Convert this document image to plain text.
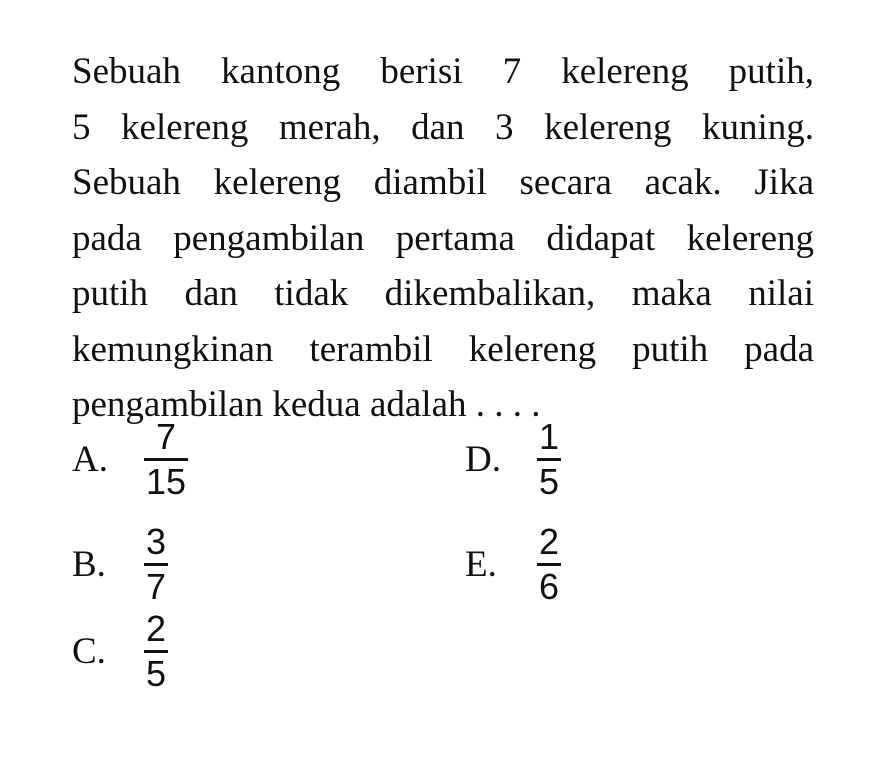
Sebuah kantong berisi 7 kelereng putih,
5 kelereng merah, dan 3 kelereng kuning.
Sebuah kelereng diambil secara acak. Jika
pada pengambilan pertama didapat kelereng
putih dan tidak dikembalikan, maka nilai
kemungkinan terambil kelereng putih pada
pengambilan kedua adalah . . . .
A.	$\frac{7}{15}$
B.	$\frac{3}{7}$
C.	$\frac{2}{5}$
D.	$\frac{1}{5}$
E.	$\frac{2}{6}$
